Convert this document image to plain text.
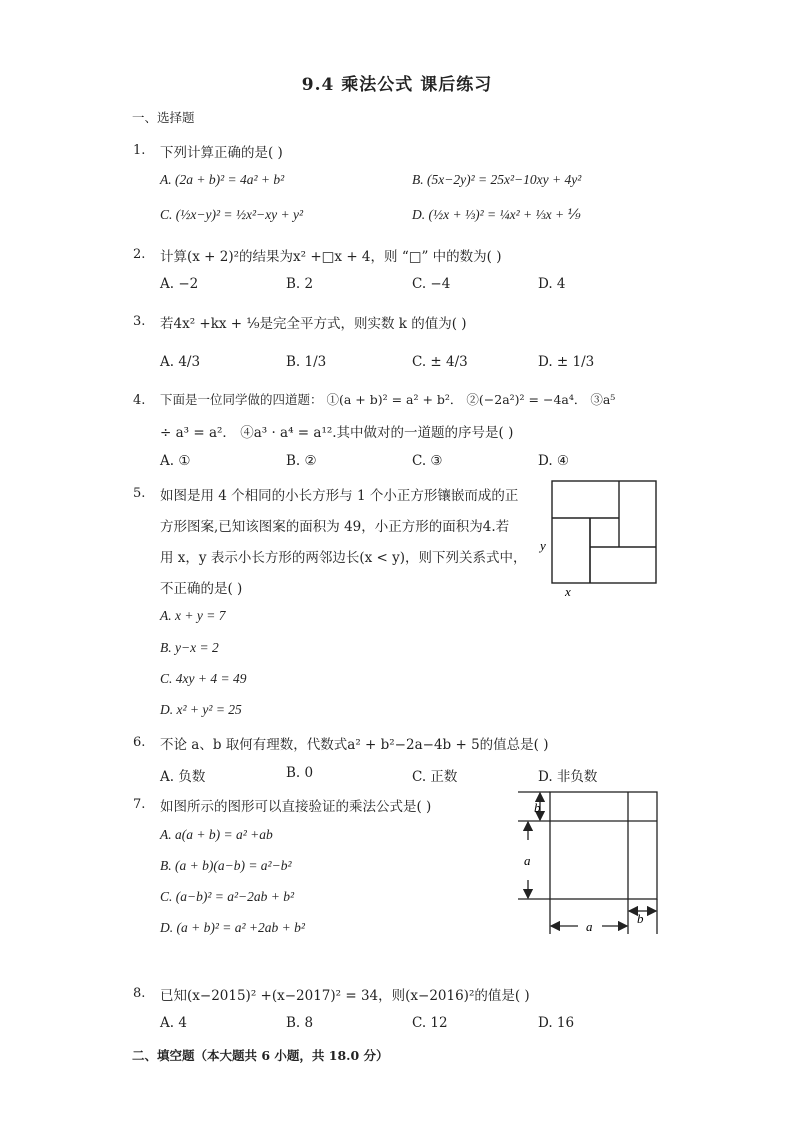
9.4 乘法公式 课后练习
一、选择题
1. 下列计算正确的是( )
A. (2a + b)² = 4a² + b²	B. (5x−2y)² = 25x²−10xy + 4y²
C. (½x−y)² = ½x²−xy + y²	D. (½x + ⅓)² = ¼x² + ⅓x + ⅑
2. 计算(x + 2)²的结果为x² +□x + 4，则 “□” 中的数为( )
A. −2	B. 2	C. −4	D. 4
3. 若4x² +kx + ⅑是完全平方式，则实数 k 的值为( )
A. 4/3	B. 1/3	C. ± 4/3	D. ± 1/3
4. 下面是一位同学做的四道题： ①(a + b)² = a² + b²． ②(−2a²)² = −4a⁴． ③a⁵
÷ a³ = a²． ④a³ · a⁴ = a¹².其中做对的一道题的序号是( )
A. ①	B. ②	C. ③	D. ④
5. 如图是用 4 个相同的小长方形与 1 个小正方形镶嵌而成的正
方形图案,已知该图案的面积为 49，小正方形的面积为4.若
用 x，y 表示小长方形的两邻边长(x < y)，则下列关系式中，
不正确的是( )
A. x + y = 7
B. y−x = 2
C. 4xy + 4 = 49
D. x² + y² = 25
y
x
6. 不论 a、b 取何有理数，代数式a² + b²−2a−4b + 5的值总是( )
A. 负数	B. 0	C. 正数	D. 非负数
7. 如图所示的图形可以直接验证的乘法公式是( )
A. a(a + b) = a² +ab
B. (a + b)(a−b) = a²−b²
C. (a−b)² = a²−2ab + b²
D. (a + b)² = a² +2ab + b²
b
a
a
b
8. 已知(x−2015)² +(x−2017)² = 34，则(x−2016)²的值是( )
A. 4	B. 8	C. 12	D. 16
二、填空题（本大题共 6 小题，共 18.0 分）
